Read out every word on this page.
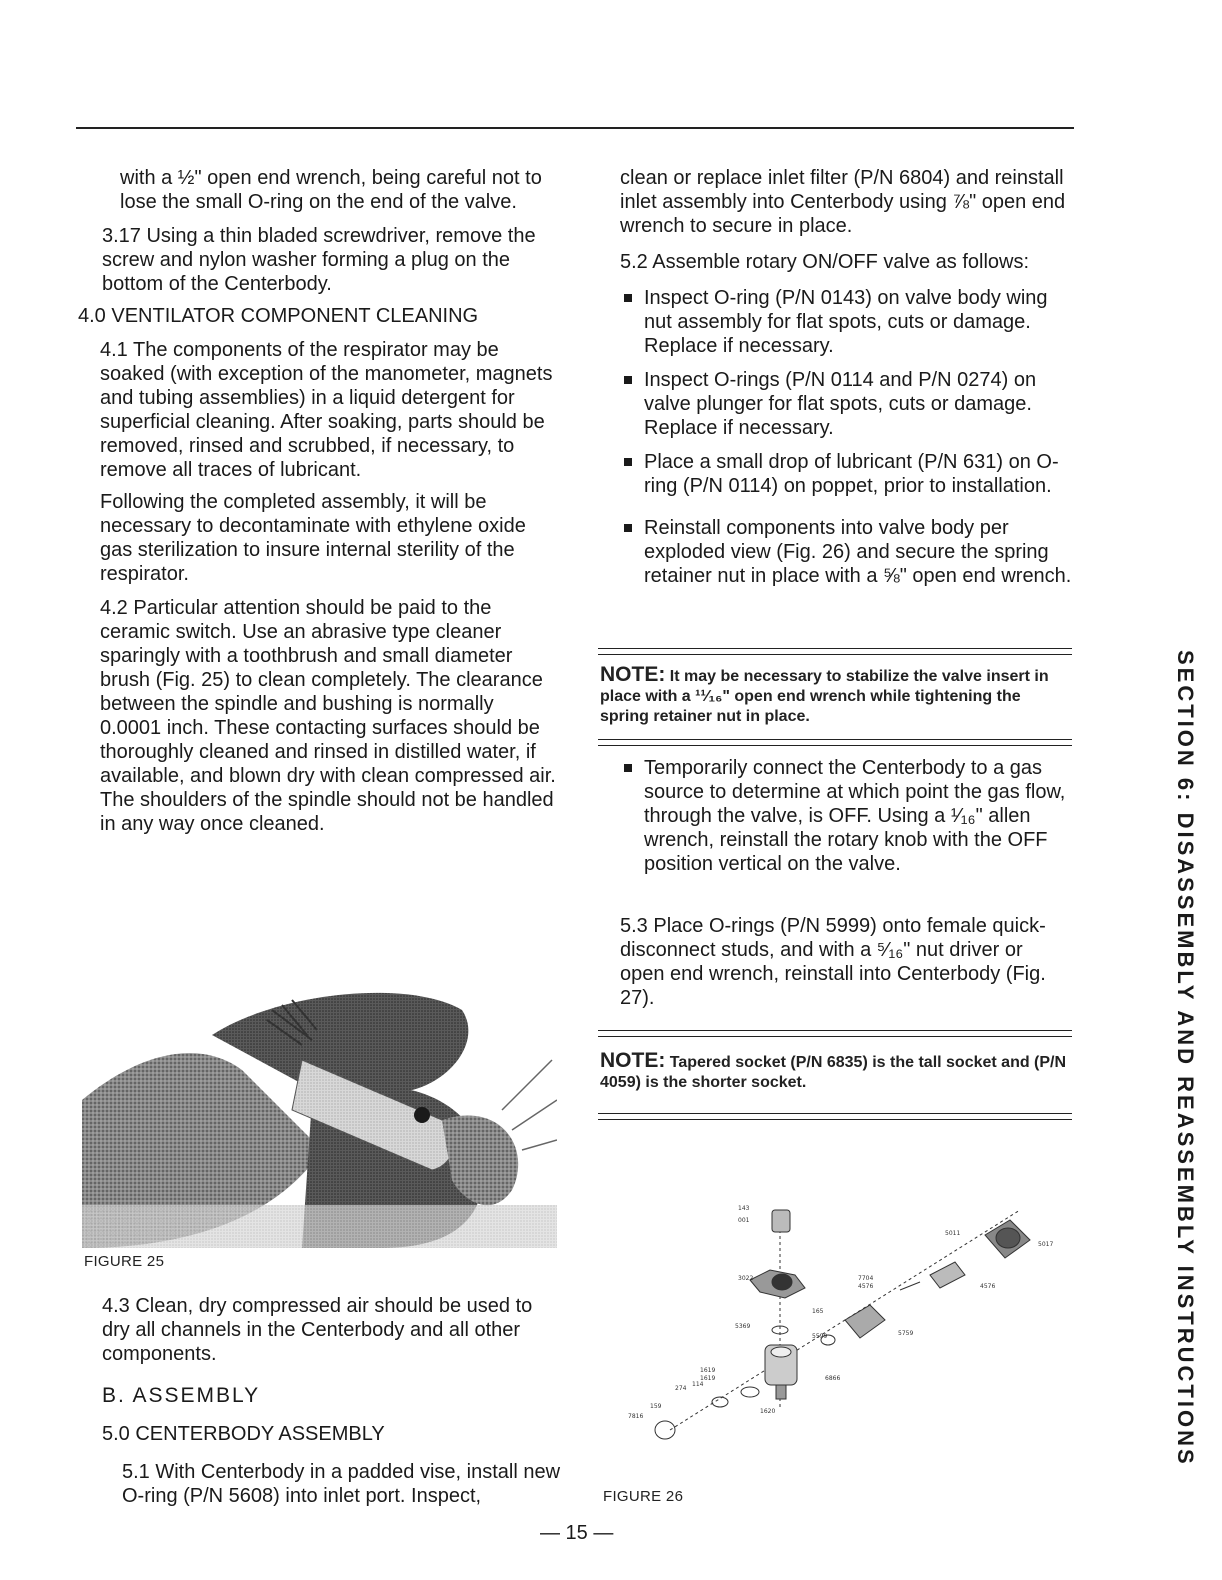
with a ½" open end wrench, being careful not to lose the small O-ring on the end of the valve.

3.17 Using a thin bladed screwdriver, remove the screw and nylon washer forming a plug on the bottom of the Centerbody.

4.0 VENTILATOR COMPONENT CLEANING

4.1 The components of the respirator may be soaked (with exception of the manometer, magnets and tubing assemblies) in a liquid detergent for superficial cleaning. After soaking, parts should be removed, rinsed and scrubbed, if necessary, to remove all traces of lubricant.

Following the completed assembly, it will be necessary to decontaminate with ethylene oxide gas sterilization to insure internal sterility of the respirator.

4.2 Particular attention should be paid to the ceramic switch. Use an abrasive type cleaner sparingly with a toothbrush and small diameter brush (Fig. 25) to clean completely. The clearance between the spindle and bushing is normally 0.0001 inch. These contacting surfaces should be thoroughly cleaned and rinsed in distilled water, if available, and blown dry with clean compressed air. The shoulders of the spindle should not be handled in any way once cleaned.

FIGURE 25
4.3 Clean, dry compressed air should be used to dry all channels in the Centerbody and all other components.
B. ASSEMBLY
5.0 CENTERBODY ASSEMBLY
5.1 With Centerbody in a padded vise, install new O-ring (P/N 5608) into inlet port. Inspect,
clean or replace inlet filter (P/N 6804) and reinstall inlet assembly into Centerbody using ⅞" open end wrench to secure in place.
5.2 Assemble rotary ON/OFF valve as follows:
Inspect O-ring (P/N 0143) on valve body wing nut assembly for flat spots, cuts or damage. Replace if necessary.
Inspect O-rings (P/N 0114 and P/N 0274) on valve plunger for flat spots, cuts or damage. Replace if necessary.
Place a small drop of lubricant (P/N 631) on O-ring (P/N 0114) on poppet, prior to installation.
Reinstall components into valve body per exploded view (Fig. 26) and secure the spring retainer nut in place with a ⅝" open end wrench.
NOTE: It may be necessary to stabilize the valve insert in place with a ¹¹⁄₁₆" open end wrench while tightening the spring retainer nut in place.
Temporarily connect the Centerbody to a gas source to determine at which point the gas flow, through the valve, is OFF. Using a ¹⁄₁₆" allen wrench, reinstall the rotary knob with the OFF position vertical on the valve.
5.3 Place O-rings (P/N 5999) onto female quick-disconnect studs, and with a ⁵⁄₁₆" nut driver or open end wrench, reinstall into Centerbody (Fig. 27).
NOTE: Tapered socket (P/N 6835) is the tall socket and (P/N 4059) is the shorter socket.
143
001
3022
5369
1619
5011
5017
7704
4576	4576
165
5599	5759
6866
1619
274
114
159
7816
1620
FIGURE 26
— 15 —
SECTION 6: DISASSEMBLY AND REASSEMBLY INSTRUCTIONS
